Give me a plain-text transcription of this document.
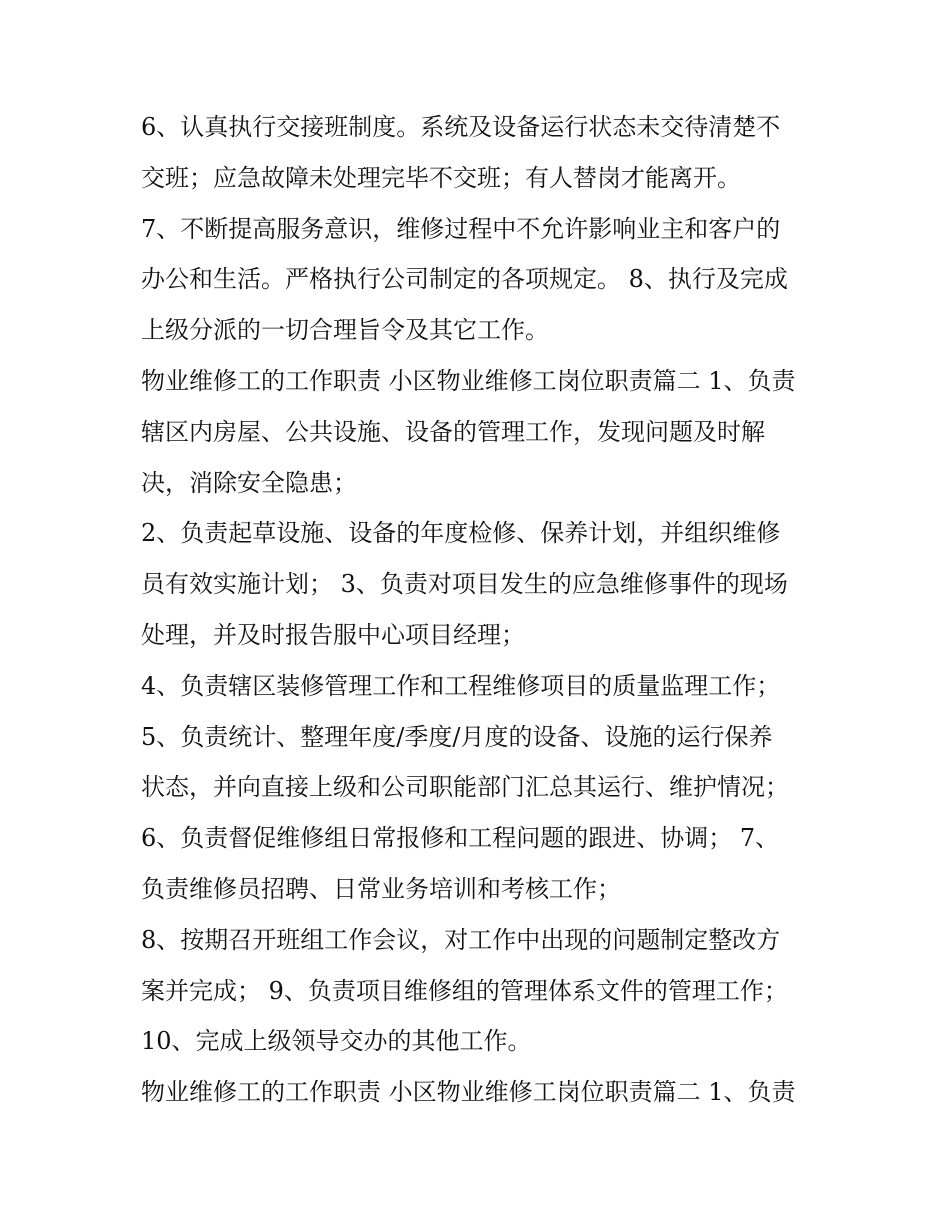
6、认真执行交接班制度。系统及设备运行状态未交待清楚不
交班；应急故障未处理完毕不交班；有人替岗才能离开。
7、不断提高服务意识，维修过程中不允许影响业主和客户的
办公和生活。严格执行公司制定的各项规定。 8、执行及完成
上级分派的一切合理旨令及其它工作。
物业维修工的工作职责 小区物业维修工岗位职责篇二 1、负责
辖区内房屋、公共设施、设备的管理工作，发现问题及时解
决，消除安全隐患；
2、负责起草设施、设备的年度检修、保养计划，并组织维修
员有效实施计划； 3、负责对项目发生的应急维修事件的现场
处理，并及时报告服中心项目经理；
4、负责辖区装修管理工作和工程维修项目的质量监理工作；
5、负责统计、整理年度/季度/月度的设备、设施的运行保养
状态，并向直接上级和公司职能部门汇总其运行、维护情况；
6、负责督促维修组日常报修和工程问题的跟进、协调； 7、
负责维修员招聘、日常业务培训和考核工作；
8、按期召开班组工作会议，对工作中出现的问题制定整改方
案并完成； 9、负责项目维修组的管理体系文件的管理工作；
10、完成上级领导交办的其他工作。
物业维修工的工作职责 小区物业维修工岗位职责篇二 1、负责
